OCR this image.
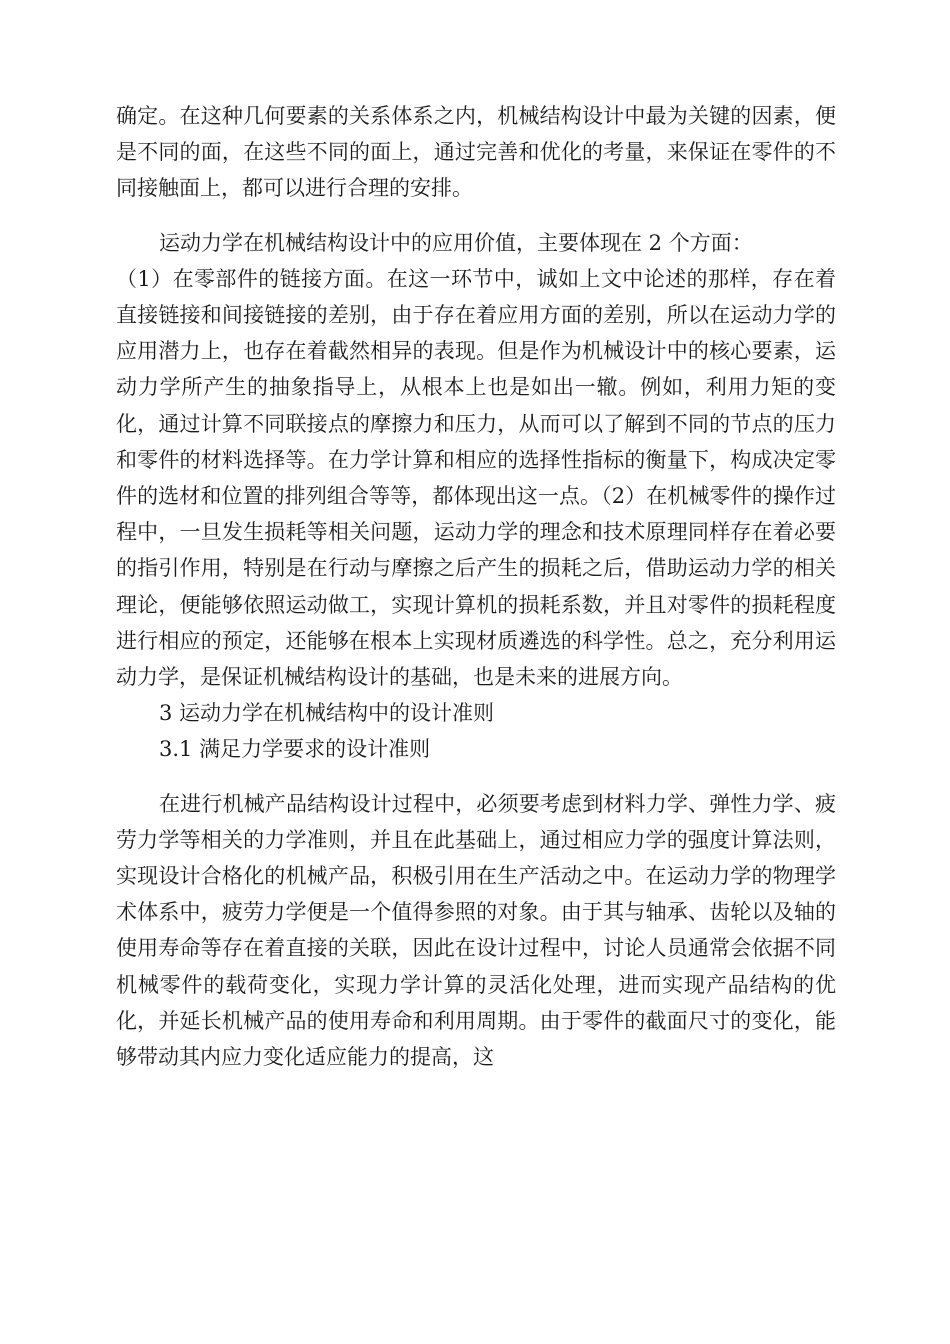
确定。在这种几何要素的关系体系之内，机械结构设计中最为关键的因素，便是不同的面，在这些不同的面上，通过完善和优化的考量，来保证在零件的不同接触面上，都可以进行合理的安排。

运动力学在机械结构设计中的应用价值，主要体现在 2 个方面：

（1）在零部件的链接方面。在这一环节中，诚如上文中论述的那样，存在着直接链接和间接链接的差别，由于存在着应用方面的差别，所以在运动力学的应用潜力上，也存在着截然相异的表现。但是作为机械设计中的核心要素，运动力学所产生的抽象指导上，从根本上也是如出一辙。例如，利用力矩的变化，通过计算不同联接点的摩擦力和压力，从而可以了解到不同的节点的压力和零件的材料选择等。在力学计算和相应的选择性指标的衡量下，构成决定零件的选材和位置的排列组合等等，都体现出这一点。（2）在机械零件的操作过程中，一旦发生损耗等相关问题，运动力学的理念和技术原理同样存在着必要的指引作用，特别是在行动与摩擦之后产生的损耗之后，借助运动力学的相关理论，便能够依照运动做工，实现计算机的损耗系数，并且对零件的损耗程度进行相应的预定，还能够在根本上实现材质遴选的科学性。总之，充分利用运动力学，是保证机械结构设计的基础，也是未来的进展方向。

3 运动力学在机械结构中的设计准则

3.1 满足力学要求的设计准则

在进行机械产品结构设计过程中，必须要考虑到材料力学、弹性力学、疲劳力学等相关的力学准则，并且在此基础上，通过相应力学的强度计算法则，实现设计合格化的机械产品，积极引用在生产活动之中。在运动力学的物理学术体系中，疲劳力学便是一个值得参照的对象。由于其与轴承、齿轮以及轴的使用寿命等存在着直接的关联，因此在设计过程中，讨论人员通常会依据不同机械零件的载荷变化，实现力学计算的灵活化处理，进而实现产品结构的优化，并延长机械产品的使用寿命和利用周期。由于零件的截面尺寸的变化，能够带动其内应力变化适应能力的提高，这
